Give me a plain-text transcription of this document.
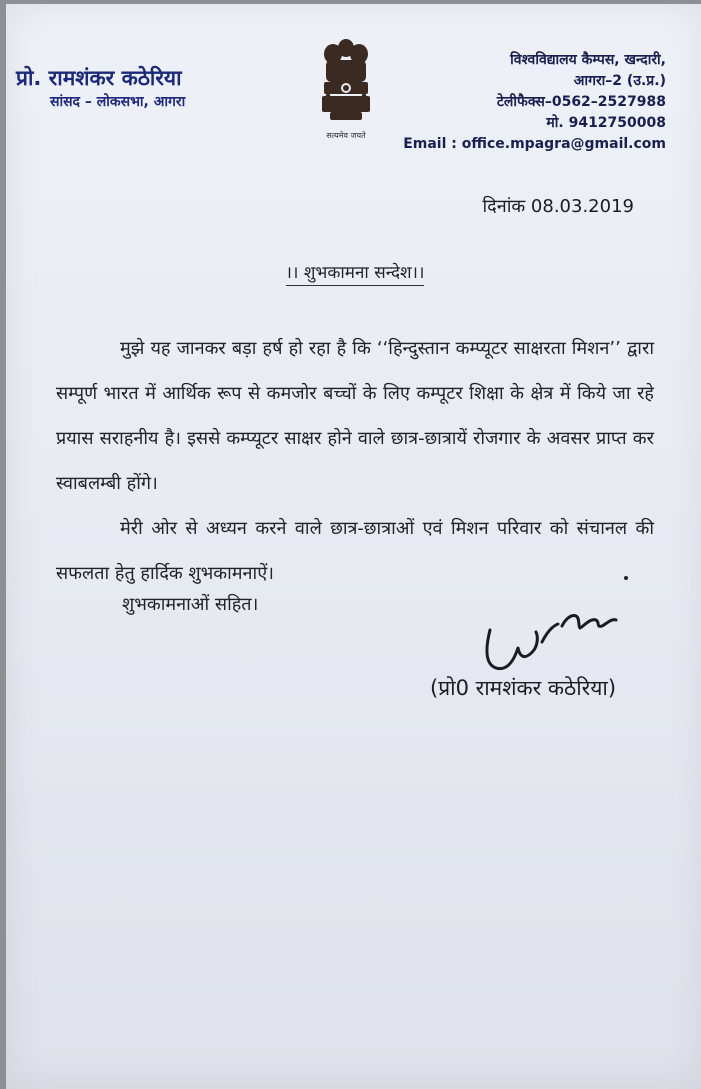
प्रो. रामशंकर कठेरिया
सांसद – लोकसभा, आगरा
सत्यमेव जयते
विश्वविद्यालय कैम्पस, खन्दारी,
आगरा–2 (उ.प्र.)
टेलीफैक्स–0562–2527988
मो. 9412750008
Email : office.mpagra@gmail.com
दिनांक 08.03.2019
।। शुभकामना सन्देश।।

मुझे यह जानकर बड़ा हर्ष हो रहा है कि ‘‘हिन्दुस्तान कम्प्यूटर साक्षरता मिशन’’ द्वारा सम्पूर्ण भारत में आर्थिक रूप से कमजोर बच्चों के लिए कम्पूटर शिक्षा के क्षेत्र में किये जा रहे प्रयास सराहनीय है। इससे कम्प्यूटर साक्षर होने वाले छात्र-छात्रायें रोजगार के अवसर प्राप्त कर स्वाबलम्बी होंगे।

मेरी ओर से अध्यन करने वाले छात्र-छात्राओं एवं मिशन परिवार को संचानल की सफलता हेतु हार्दिक शुभकामनाऐं।

शुभकामनाओं सहित।
(प्रो0 रामशंकर कठेरिया)
